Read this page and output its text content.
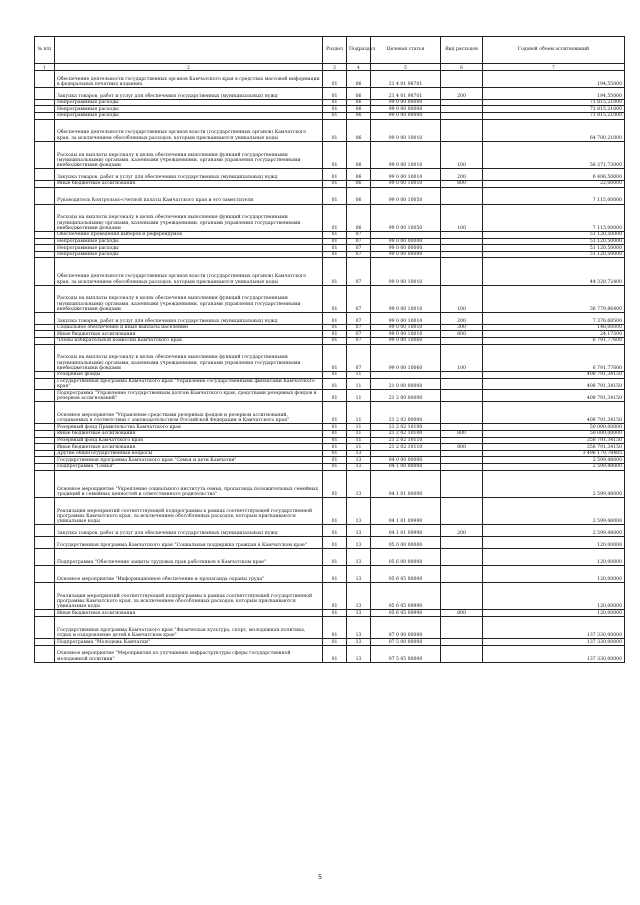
№ п/п		Раздел	Подраздел	Целевая статья	Вид расходов	Годовой объем ассигнований
1	2	3	4	5	6	7
	Обеспечение деятельности государственных органов Камчатского края в средствах массовой информации в федеральных печатных изданиях	01	06	21 4 01 98701		194,55000
	Закупка товаров, работ и услуг для обеспечения государственных (муниципальных) нужд	01	06	21 4 01 98701	200	194,55000
	Непрограммные расходы	01	06	99 0 00 00000		71 815,21000
	Непрограммные расходы	01	06	99 0 00 00000		71 815,21000
	Непрограммные расходы	01	06	99 0 00 00000		71 815,21000
	Обеспечение деятельности государственных органов власти (государственных органов) Камчатского края, за исключением обособленных расходов, которым присваиваются уникальные коды	01	06	99 0 00 10010		64 700,21000
	Расходы на выплаты персоналу в целях обеспечения выполнения функций государственными (муниципальными) органами, казенными учреждениями, органами управления государственными внебюджетными фондами	01	06	99 0 00 10010	100	58 271,73000
	Закупка товаров, работ и услуг для обеспечения государственных (муниципальных) нужд	01	06	99 0 00 10010	200	6 406,50000
	Иные бюджетные ассигнования	01	06	99 0 00 10010	800	22,00000
	Руководитель Контрольно-счетной палаты Камчатского края и его заместители	01	06	99 0 00 10050		7 115,00000
	Расходы на выплаты персоналу в целях обеспечения выполнения функций государственными (муниципальными) органами, казенными учреждениями, органами управления государственными внебюджетными фондами	01	06	99 0 00 10050	100	7 115,00000
	Обеспечение проведения выборов и референдумов	01	07			51 120,50000
	Непрограммные расходы	01	07	99 0 00 00000		51 120,50000
	Непрограммные расходы	01	07	99 0 00 00000		51 120,50000
	Непрограммные расходы	01	07	99 0 00 00000		51 120,50000
	Обеспечение деятельности государственных органов власти (государственных органов) Камчатского края, за исключением обособленных расходов, которым присваиваются уникальные коды	01	07	99 0 00 10010		44 328,72400
	Расходы на выплаты персоналу в целях обеспечения выполнения функций государственными (муниципальными) органами, казенными учреждениями, органами управления государственными внебюджетными фондами	01	07	99 0 00 10010	100	36 779,86400
	Закупка товаров, работ и услуг для обеспечения государственных (муниципальных) нужд	01	07	99 0 00 10010	200	7 376,68500
	Социальное обеспечение и иные выплаты населению	01	07	99 0 00 10010	300	148,00000
	Иные бюджетные ассигнования	01	07	99 0 00 10010	800	24,17500
	Члены избирательной комиссии Камчатского края	01	07	99 0 00 10060		6 791,77600
	Расходы на выплаты персоналу в целях обеспечения выполнения функций государственными (муниципальными) органами, казенными учреждениями, органами управления государственными внебюджетными фондами	01	07	99 0 00 10060	100	6 791,77600
	Резервные фонды	01	11			408 791,34150
	Государственная программа Камчатского края "Управление государственными финансами Камчатского края"	01	11	21 0 00 00000		408 791,34150
	Подпрограмма "Управление государственным долгом Камчатского края, средствами резервных фондов и резервом ассигнований"	01	11	21 2 00 00000		408 791,34150
	Основное мероприятие "Управление средствами резервных фондов и резервом ассигнований, создаваемых в соответствии с законодательством Российской Федерации и Камчатского края"	01	11	21 2 02 00000		408 791,34150
	Резервный фонд Правительства Камчатского края	01	11	21 2 02 10100		50 000,00000
	Иные бюджетные ассигнования	01	11	21 2 02 10100	800	50 000,00000
	Резервный фонд Камчатского края	01	11	21 2 02 10110		358 791,34150
	Иные бюджетные ассигнования	01	11	21 2 02 10110	800	358 791,34150
	Другие общегосударственные вопросы	01	13			3 496 170,78485
	Государственная программа Камчатского края "Семья и дети Камчатки"	01	13	04 0 00 00000		2 599,48000
	Подпрограмма "Семья"	01	13	04 1 00 00000		2 599,48000
	Основное мероприятие "Укрепление социального института семьи, пропаганда положительных семейных традиций и семейных ценностей и ответственного родительства"	01	13	04 1 01 00000		2 599,48000
	Реализация мероприятий соответствующей подпрограммы в рамках соответствующей государственной программы Камчатского края, за исключением обособленных расходов, которым присваиваются уникальные коды	01	13	04 1 01 09990		2 599,48000
	Закупка товаров, работ и услуг для обеспечения государственных (муниципальных) нужд	01	13	04 1 01 09990	200	2 599,48000
	Государственная программа Камчатского края "Социальная поддержка граждан в Камчатском крае"	01	13	05 0 00 00000		120,00000
	Подпрограмма "Обеспечение защиты трудовых прав работников в Камчатском крае"	01	13	05 6 00 00000		120,00000
	Основное мероприятие "Информационное обеспечение и пропаганда охраны труда"	01	13	05 6 05 00000		120,00000
	Реализация мероприятий соответствующей подпрограммы в рамках соответствующей государственной программы Камчатского края, за исключением обособленных расходов, которым присваиваются уникальные коды	01	13	05 6 05 09990		120,00000
	Иные бюджетные ассигнования	01	13	05 6 05 09990	800	120,00000
	Государственная программа Камчатского края "Физическая культура, спорт, молодежная политика, отдых и оздоровление детей в Камчатском крае"	01	13	07 0 00 00000		137 330,00000
	Подпрограмма "Молодежь Камчатки"	01	13	07 5 00 00000		137 330,00000
	Основное мероприятие "Мероприятия по улучшению инфраструктуры сферы государственной молодежной политики"	01	13	07 5 05 00000		137 330,00000
5
